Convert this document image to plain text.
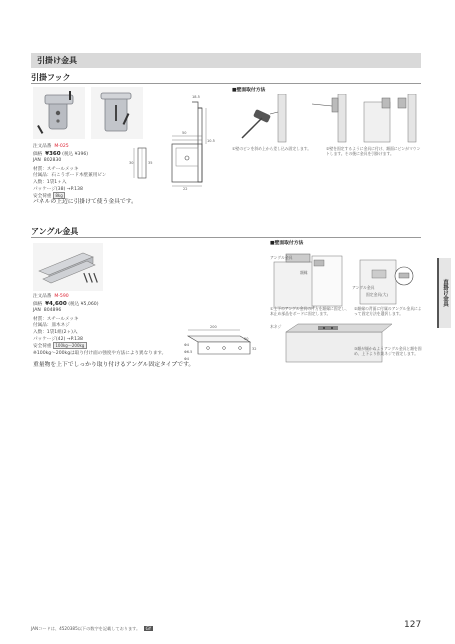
引掛け金具
引掛フック
注文品番 M-025
価格 ¥360 (税込 ¥396)
JAN 802830
材質：スチールメッキ
付属品：石こうボード木壁兼用ピン
入数：1袋1ヶ入
パッケージ(38) →P.138
安全荷重 8kg
パネルの上辺に引掛けて使う金具です。
18.5
50
30
10.5
35
22
■壁面取付方法
①壁のピンを斜め上から差し込み固定します。	②壁を固定するように金具に付け、額面にピンがマウントします。その後に金具を引掛けます。
アングル金具
注文品番 M-590
価格 ¥4,600 (税込 ¥5,060)
JAN 804896
材質：スチールメッキ
付属品：皿木ネジ
入数：1袋1組(2ヶ)入
パッケージ(42) →P.138
安全荷重 100kg～200kg
※100kg～200kgは取り付け面の強度や方法により異なります。
重量物を上下でしっかり取り付けるアングル固定タイプです。
200
50
32
Φ4
Φ6.5
Φ4
■壁面取付方法
アングル金具
額縁
アングル金具
固定金具(大)
木ネジ
①上下のアングル金具の片方を額縁に固定し、本止め部品をボードに固定します。
②額縁の背面に付属のアングル金具によって固定方法を選択します。
③額が傾かぬようアングル金具と額を固め、上下より作業ネジで固定します。
直掛け金具
JANコードは、4520385以下の数字を記載しております。 GY	127
